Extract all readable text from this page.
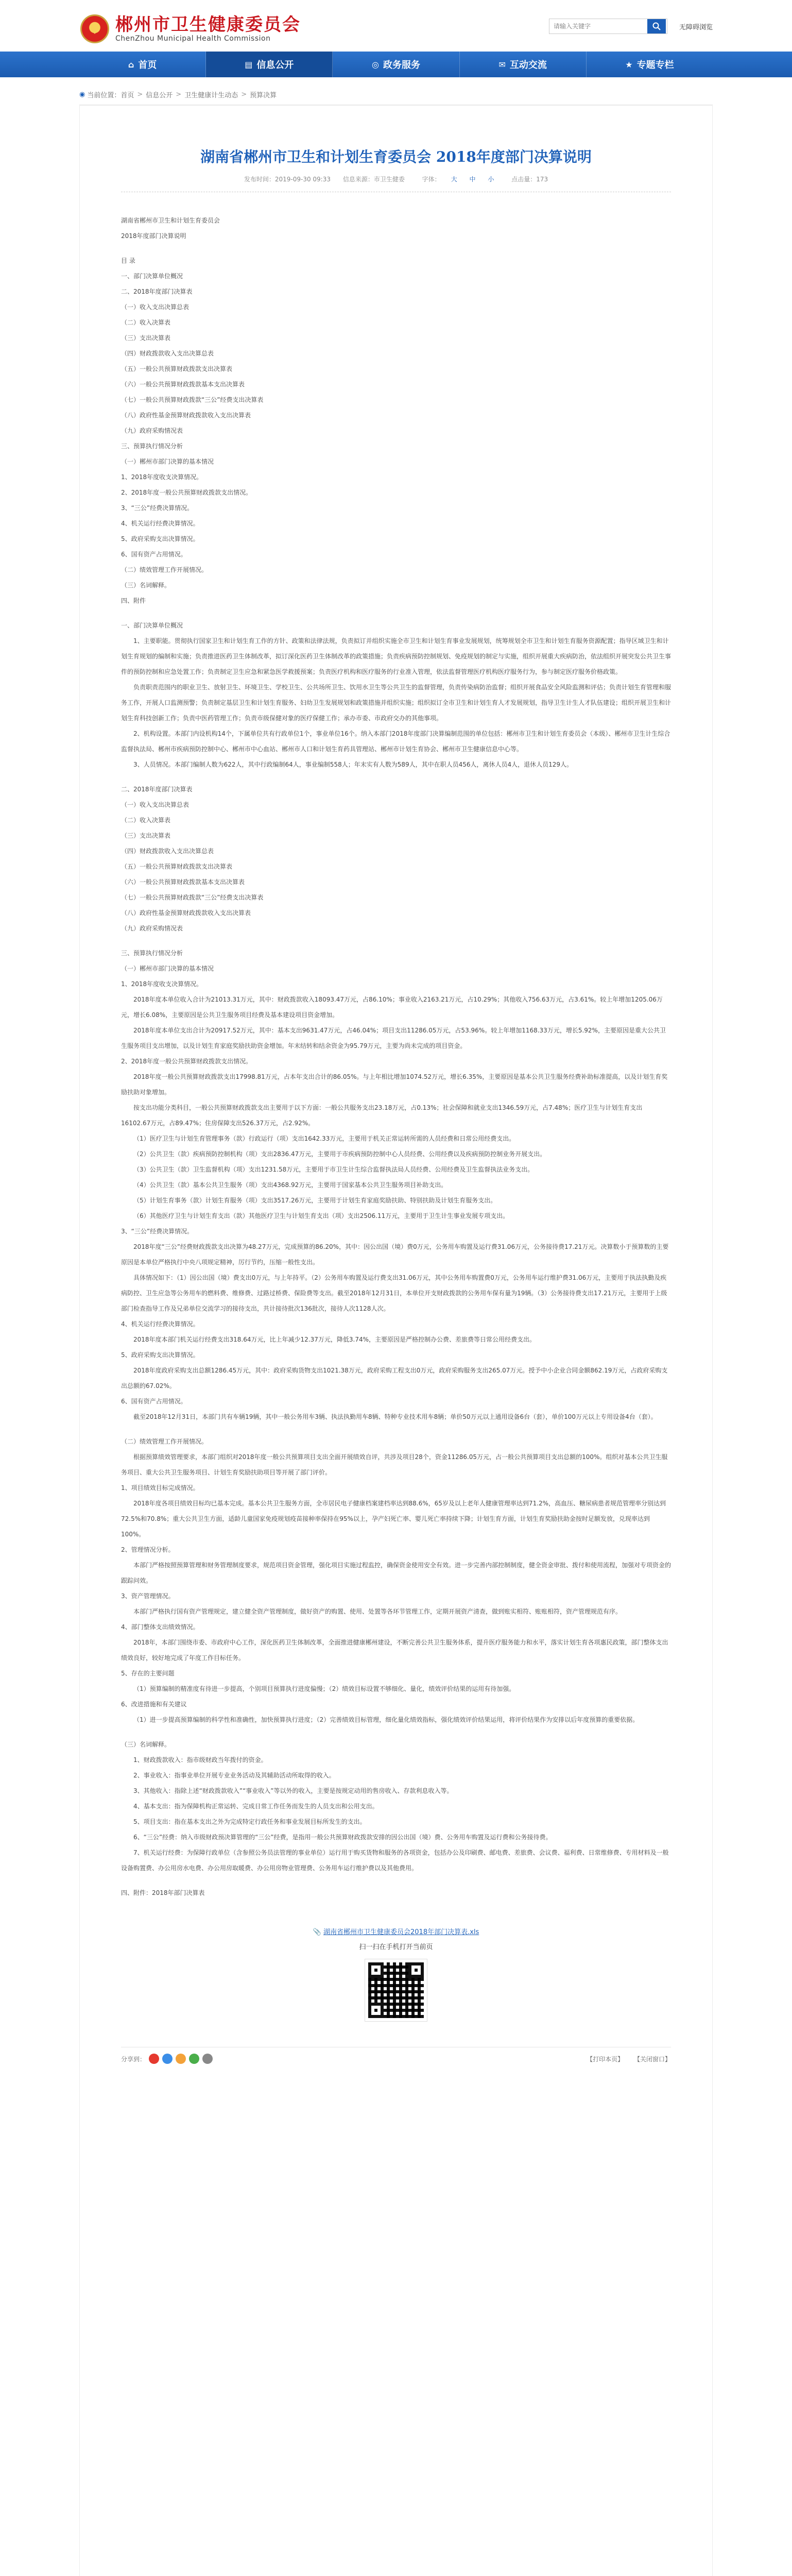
郴州市卫生健康委员会
ChenZhou Municipal Health Commission
请输入关键字
无障碍浏览
⌂ 首页	▤ 信息公开	◎ 政务服务	✉ 互动交流	★ 专题专栏
◉ 当前位置： 首页 > 信息公开 > 卫生健康计生动态 > 预算决算
湖南省郴州市卫生和计划生育委员会 2018年度部门决算说明
发布时间：2019-09-30 09:33 信息来源：市卫生健委	字体： 大 中 小	点击量：173

湖南省郴州市卫生和计划生育委员会

2018年度部门决算说明

目 录

一、部门决算单位概况

二、2018年度部门决算表

（一）收入支出决算总表

（二）收入决算表

（三）支出决算表

（四）财政拨款收入支出决算总表

（五）一般公共预算财政拨款支出决算表

（六）一般公共预算财政拨款基本支出决算表

（七）一般公共预算财政拨款“三公”经费支出决算表

（八）政府性基金预算财政拨款收入支出决算表

（九）政府采购情况表

三、预算执行情况分析

（一）郴州市部门决算的基本情况

1、2018年度收支决算情况。

2、2018年度一般公共预算财政拨款支出情况。

3、“三公”经费决算情况。

4、机关运行经费决算情况。

5、政府采购支出决算情况。

6、国有资产占用情况。

（二）绩效管理工作开展情况。

（三）名词解释。

四、附件

一、部门决算单位概况

1、主要职能。贯彻执行国家卫生和计划生育工作的方针、政策和法律法规，负责拟订并组织实施全市卫生和计划生育事业发展规划，统筹规划全市卫生和计划生育服务资源配置；指导区域卫生和计划生育规划的编制和实施；负责推进医药卫生体制改革，拟订深化医药卫生体制改革的政策措施；负责疾病预防控制规划、免疫规划的制定与实施，组织开展重大疾病防治，依法组织开展突发公共卫生事件的预防控制和应急处置工作；负责制定卫生应急和紧急医学救援预案；负责医疗机构和医疗服务的行业准入管理，依法监督管理医疗机构医疗服务行为，参与制定医疗服务价格政策。

负责职责范围内的职业卫生、放射卫生、环境卫生、学校卫生、公共场所卫生、饮用水卫生等公共卫生的监督管理，负责传染病防治监督；组织开展食品安全风险监测和评估；负责计划生育管理和服务工作，开展人口监测预警；负责制定基层卫生和计划生育服务、妇幼卫生发展规划和政策措施并组织实施；组织拟订全市卫生和计划生育人才发展规划，指导卫生计生人才队伍建设；组织开展卫生和计划生育科技创新工作；负责中医药管理工作；负责市级保健对象的医疗保健工作；承办市委、市政府交办的其他事项。

2、机构设置。本部门内设机构14个，下属单位共有行政单位1个，事业单位16个。纳入本部门2018年度部门决算编制范围的单位包括：郴州市卫生和计划生育委员会（本级）、郴州市卫生计生综合监督执法局、郴州市疾病预防控制中心、郴州市中心血站、郴州市人口和计划生育药具管理站、郴州市计划生育协会、郴州市卫生健康信息中心等。

3、人员情况。本部门编制人数为622人，其中行政编制64人，事业编制558人；年末实有人数为589人，其中在职人员456人，离休人员4人，退休人员129人。

二、2018年度部门决算表

（一）收入支出决算总表

（二）收入决算表

（三）支出决算表

（四）财政拨款收入支出决算总表

（五）一般公共预算财政拨款支出决算表

（六）一般公共预算财政拨款基本支出决算表

（七）一般公共预算财政拨款“三公”经费支出决算表

（八）政府性基金预算财政拨款收入支出决算表

（九）政府采购情况表

三、预算执行情况分析

（一）郴州市部门决算的基本情况

1、2018年度收支决算情况。

2018年度本单位收入合计为21013.31万元，其中：财政拨款收入18093.47万元，占86.10%；事业收入2163.21万元，占10.29%；其他收入756.63万元，占3.61%。较上年增加1205.06万元，增长6.08%，主要原因是公共卫生服务项目经费及基本建设项目资金增加。

2018年度本单位支出合计为20917.52万元，其中：基本支出9631.47万元，占46.04%；项目支出11286.05万元，占53.96%。较上年增加1168.33万元，增长5.92%，主要原因是重大公共卫生服务项目支出增加，以及计划生育家庭奖励扶助资金增加。年末结转和结余资金为95.79万元，主要为尚未完成的项目资金。

2、2018年度一般公共预算财政拨款支出情况。

2018年度一般公共预算财政拨款支出17998.81万元，占本年支出合计的86.05%。与上年相比增加1074.52万元，增长6.35%，主要原因是基本公共卫生服务经费补助标准提高，以及计划生育奖励扶助对象增加。

按支出功能分类科目，一般公共预算财政拨款支出主要用于以下方面：一般公共服务支出23.18万元，占0.13%；社会保障和就业支出1346.59万元，占7.48%；医疗卫生与计划生育支出16102.67万元，占89.47%；住房保障支出526.37万元，占2.92%。

（1）医疗卫生与计划生育管理事务（款）行政运行（项）支出1642.33万元，主要用于机关正常运转所需的人员经费和日常公用经费支出。

（2）公共卫生（款）疾病预防控制机构（项）支出2836.47万元，主要用于市疾病预防控制中心人员经费、公用经费以及疾病预防控制业务开展支出。

（3）公共卫生（款）卫生监督机构（项）支出1231.58万元，主要用于市卫生计生综合监督执法局人员经费、公用经费及卫生监督执法业务支出。

（4）公共卫生（款）基本公共卫生服务（项）支出4368.92万元，主要用于国家基本公共卫生服务项目补助支出。

（5）计划生育事务（款）计划生育服务（项）支出3517.26万元，主要用于计划生育家庭奖励扶助、特别扶助及计划生育服务支出。

（6）其他医疗卫生与计划生育支出（款）其他医疗卫生与计划生育支出（项）支出2506.11万元，主要用于卫生计生事业发展专项支出。

3、“三公”经费决算情况。

2018年度“三公”经费财政拨款支出决算为48.27万元，完成预算的86.20%，其中：因公出国（境）费0万元，公务用车购置及运行费31.06万元，公务接待费17.21万元。决算数小于预算数的主要原因是本单位严格执行中央八项规定精神，厉行节约，压缩一般性支出。

具体情况如下：（1）因公出国（境）费支出0万元，与上年持平。（2）公务用车购置及运行费支出31.06万元，其中公务用车购置费0万元，公务用车运行维护费31.06万元，主要用于执法执勤及疾病防控、卫生应急等公务用车的燃料费、维修费、过路过桥费、保险费等支出。截至2018年12月31日，本单位开支财政拨款的公务用车保有量为19辆。（3）公务接待费支出17.21万元，主要用于上级部门检查指导工作及兄弟单位交流学习的接待支出，共计接待批次136批次，接待人次1128人次。

4、机关运行经费决算情况。

2018年度本部门机关运行经费支出318.64万元，比上年减少12.37万元，降低3.74%，主要原因是严格控制办公费、差旅费等日常公用经费支出。

5、政府采购支出决算情况。

2018年度政府采购支出总额1286.45万元，其中：政府采购货物支出1021.38万元，政府采购工程支出0万元，政府采购服务支出265.07万元。授予中小企业合同金额862.19万元，占政府采购支出总额的67.02%。

6、国有资产占用情况。

截至2018年12月31日，本部门共有车辆19辆，其中一般公务用车3辆、执法执勤用车8辆、特种专业技术用车8辆；单价50万元以上通用设备6台（套），单价100万元以上专用设备4台（套）。

（二）绩效管理工作开展情况。

根据预算绩效管理要求，本部门组织对2018年度一般公共预算项目支出全面开展绩效自评，共涉及项目28个，资金11286.05万元，占一般公共预算项目支出总额的100%。组织对基本公共卫生服务项目、重大公共卫生服务项目、计划生育奖励扶助项目等开展了部门评价。

1、项目绩效目标完成情况。

2018年度各项目绩效目标均已基本完成。基本公共卫生服务方面，全市居民电子健康档案建档率达到88.6%，65岁及以上老年人健康管理率达到71.2%，高血压、糖尿病患者规范管理率分别达到72.5%和70.8%；重大公共卫生方面，适龄儿童国家免疫规划疫苗接种率保持在95%以上，孕产妇死亡率、婴儿死亡率持续下降；计划生育方面，计划生育奖励扶助金按时足额发放，兑现率达到100%。

2、管理情况分析。

本部门严格按照预算管理和财务管理制度要求，规范项目资金管理，强化项目实施过程监控，确保资金使用安全有效。进一步完善内部控制制度，健全资金审批、拨付和使用流程，加强对专项资金的跟踪问效。

3、资产管理情况。

本部门严格执行国有资产管理规定，建立健全资产管理制度，做好资产的购置、使用、处置等各环节管理工作，定期开展资产清查，做到账实相符、账账相符，资产管理规范有序。

4、部门整体支出绩效情况。

2018年，本部门围绕市委、市政府中心工作，深化医药卫生体制改革，全面推进健康郴州建设，不断完善公共卫生服务体系，提升医疗服务能力和水平，落实计划生育各项惠民政策，部门整体支出绩效良好，较好地完成了年度工作目标任务。

5、存在的主要问题

（1）预算编制的精准度有待进一步提高，个别项目预算执行进度偏慢；（2）绩效目标设置不够细化、量化，绩效评价结果的运用有待加强。

6、改进措施和有关建议

（1）进一步提高预算编制的科学性和准确性，加快预算执行进度；（2）完善绩效目标管理，细化量化绩效指标，强化绩效评价结果运用，将评价结果作为安排以后年度预算的重要依据。

（三）名词解释。

1、财政拨款收入：指市级财政当年拨付的资金。

2、事业收入：指事业单位开展专业业务活动及其辅助活动所取得的收入。

3、其他收入：指除上述“财政拨款收入”“事业收入”等以外的收入，主要是按规定动用的售房收入、存款利息收入等。

4、基本支出：指为保障机构正常运转、完成日常工作任务而发生的人员支出和公用支出。

5、项目支出：指在基本支出之外为完成特定行政任务和事业发展目标所发生的支出。

6、“三公”经费：纳入市级财政预决算管理的“三公”经费，是指用一般公共预算财政拨款安排的因公出国（境）费、公务用车购置及运行费和公务接待费。

7、机关运行经费：为保障行政单位（含参照公务员法管理的事业单位）运行用于购买货物和服务的各项资金，包括办公及印刷费、邮电费、差旅费、会议费、福利费、日常维修费、专用材料及一般设备购置费、办公用房水电费、办公用房取暖费、办公用房物业管理费、公务用车运行维护费以及其他费用。

四、附件：2018年部门决算表

📎 湖南省郴州市卫生健康委员会2018年部门决算表.xls
扫一扫在手机打开当前页
分享到：	【打印本页】 【关闭窗口】
